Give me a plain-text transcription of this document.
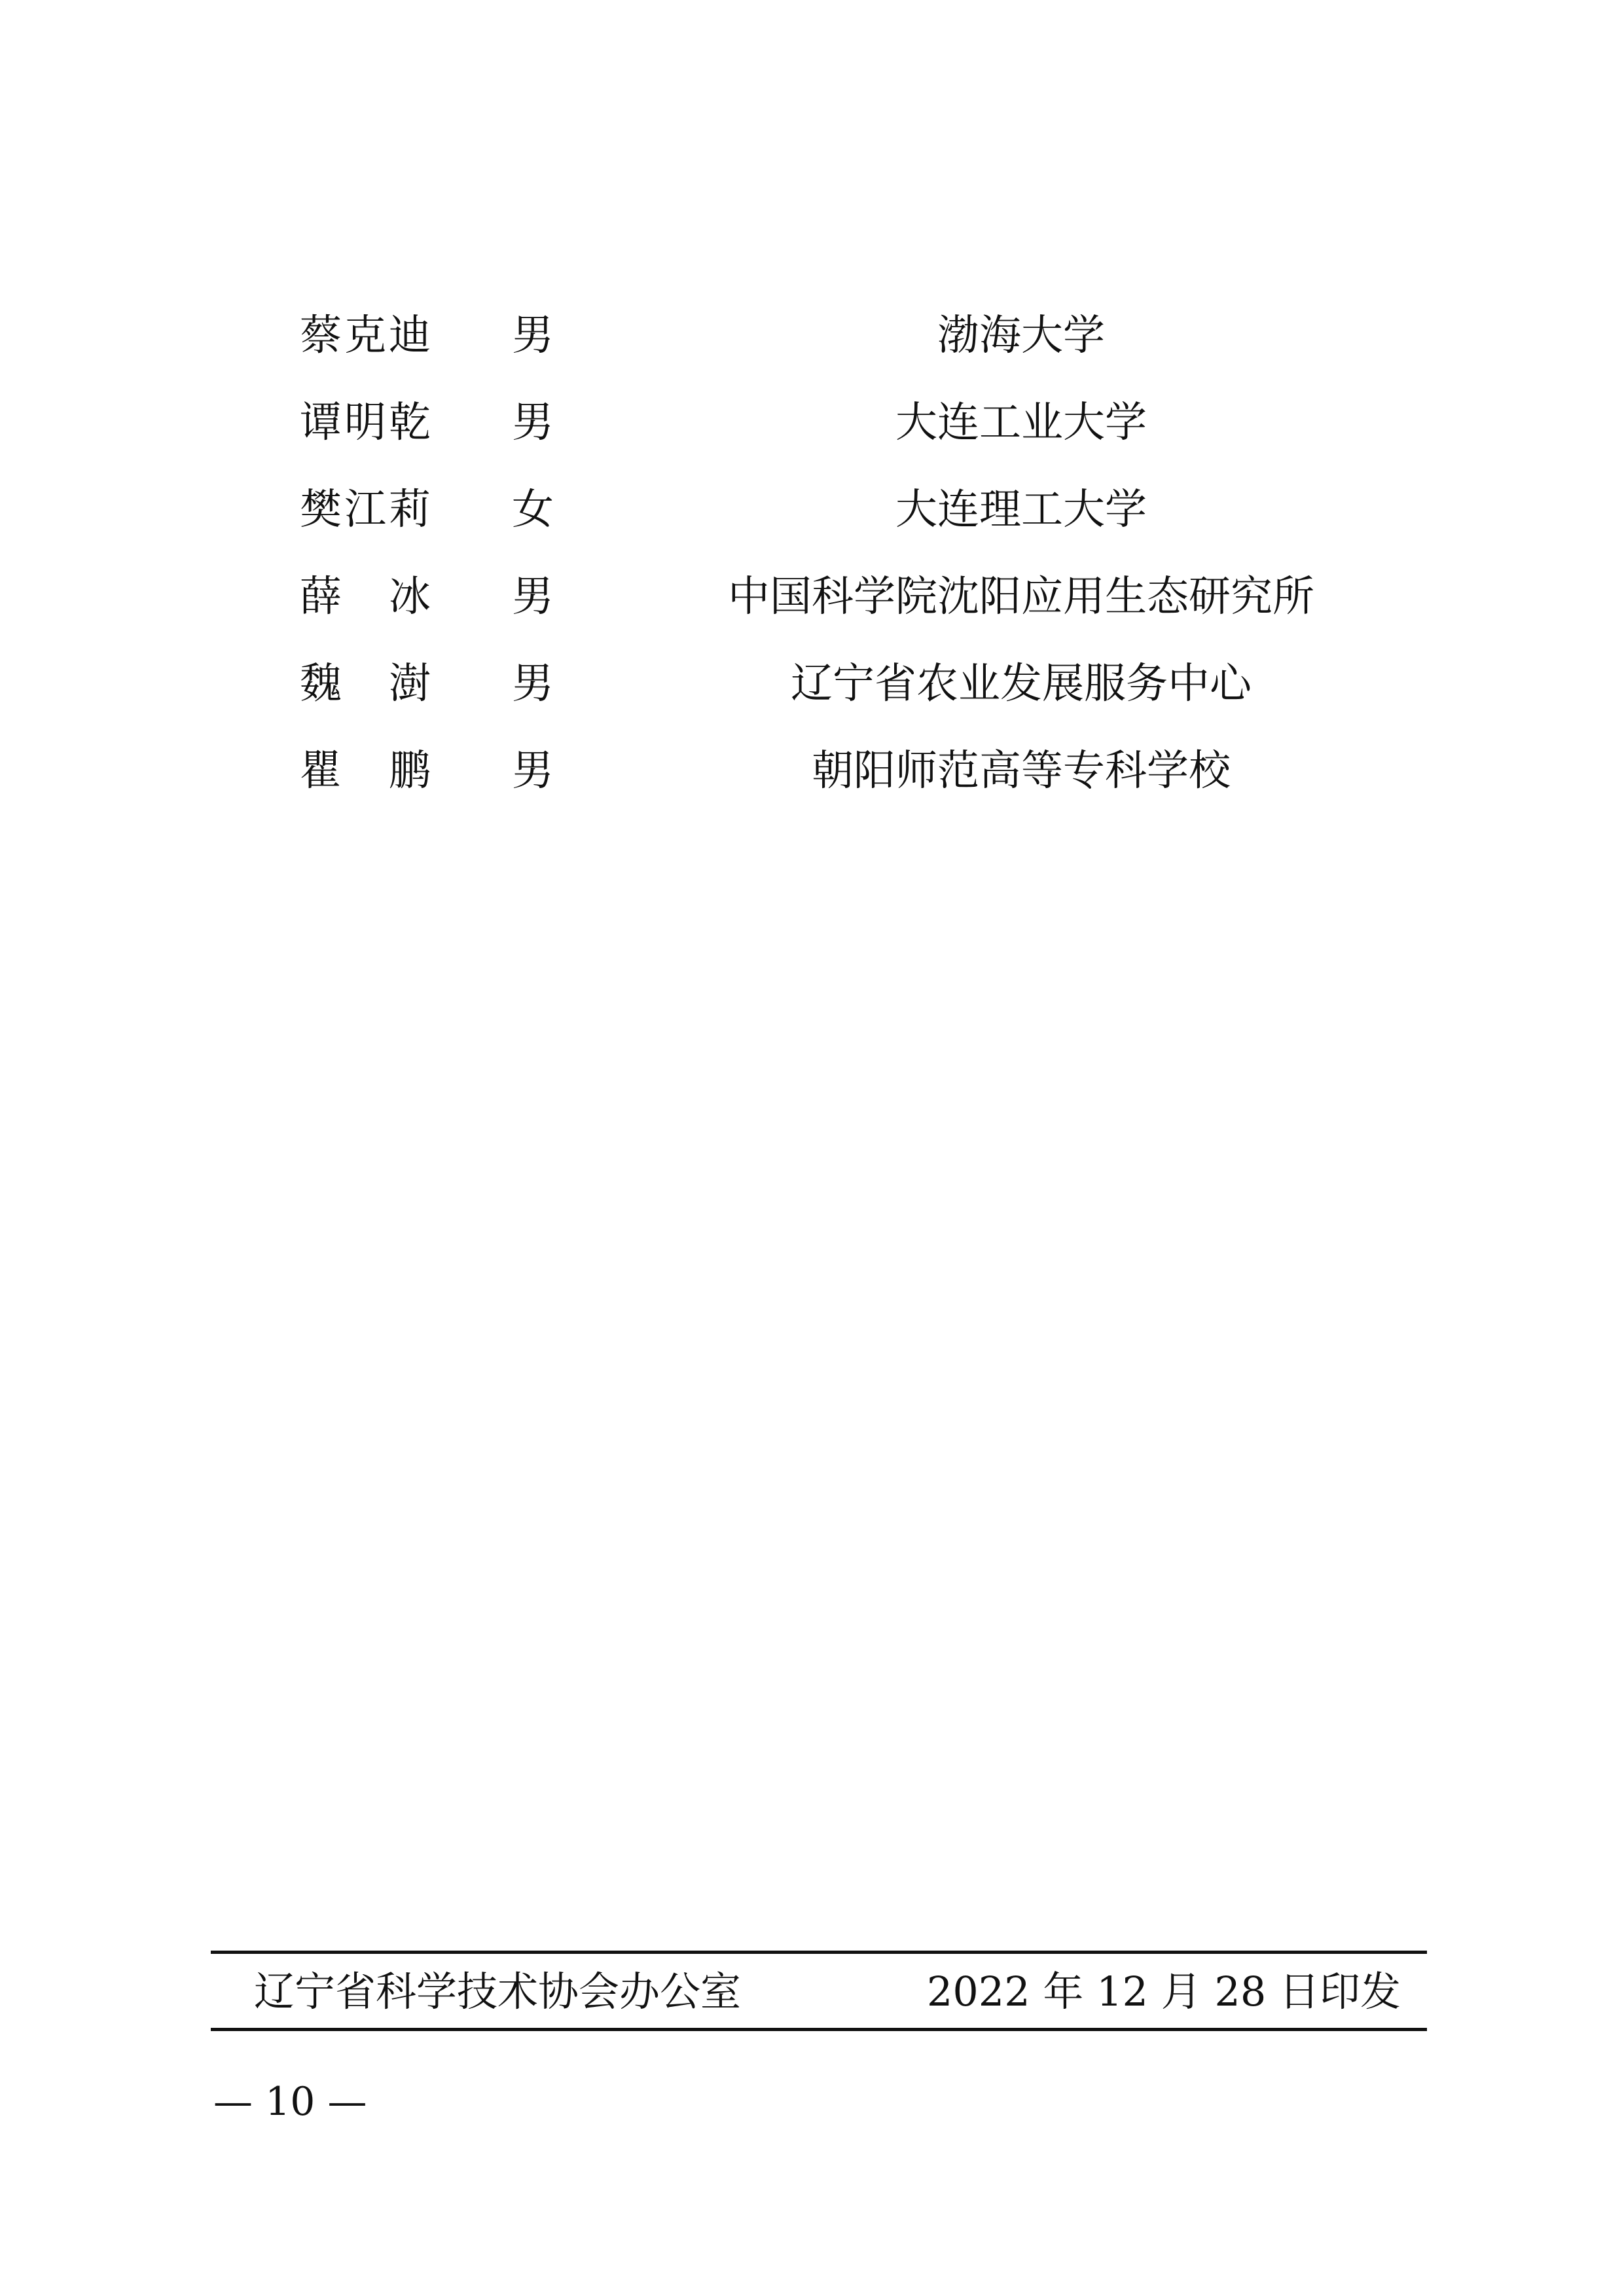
蔡克迪 男	渤海大学
谭明乾 男	大连工业大学
樊江莉 女	大连理工大学
薛冰 男	中国科学院沈阳应用生态研究所
魏澍 男	辽宁省农业发展服务中心
瞿鹏 男	朝阳师范高等专科学校
辽宁省科学技术协会办公室	2022 年 12 月 28 日印发
— 10 —
